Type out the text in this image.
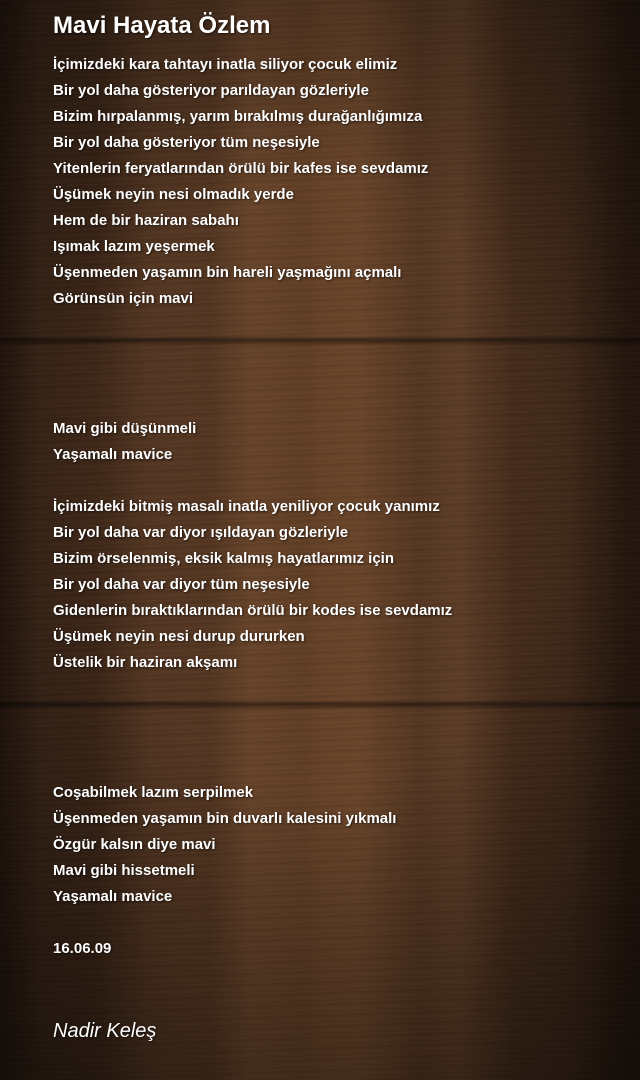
Mavi Hayata Özlem
İçimizdeki kara tahtayı inatla siliyor çocuk elimiz
Bir yol daha gösteriyor parıldayan gözleriyle
Bizim hırpalanmış, yarım bırakılmış durağanlığımıza
Bir yol daha gösteriyor tüm neşesiyle
Yitenlerin feryatlarından örülü bir kafes ise sevdamız
Üşümek neyin nesi olmadık yerde
Hem de bir haziran sabahı
Işımak lazım yeşermek
Üşenmeden yaşamın bin hareli yaşmağını açmalı
Görünsün için mavi
Mavi gibi düşünmeli
Yaşamalı mavice
İçimizdeki bitmiş masalı inatla yeniliyor çocuk yanımız
Bir yol daha var diyor ışıldayan gözleriyle
Bizim örselenmiş, eksik kalmış hayatlarımız için
Bir yol daha var diyor tüm neşesiyle
Gidenlerin bıraktıklarından örülü bir kodes ise sevdamız
Üşümek neyin nesi durup dururken
Üstelik bir haziran akşamı
Coşabilmek lazım serpilmek
Üşenmeden yaşamın bin duvarlı kalesini yıkmalı
Özgür kalsın diye mavi
Mavi gibi hissetmeli
Yaşamalı mavice
16.06.09
Nadir Keleş
